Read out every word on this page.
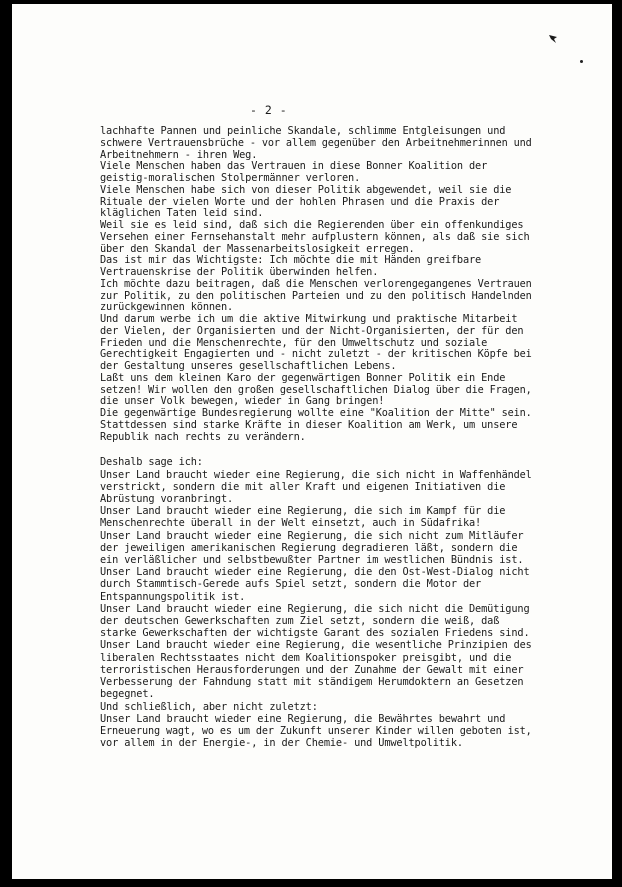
- 2 -
lachhafte Pannen und peinliche Skandale, schlimme Entgleisungen und
schwere Vertrauensbrüche - vor allem gegenüber den Arbeitnehmerinnen und
Arbeitnehmern - ihren Weg.
Viele Menschen haben das Vertrauen in diese Bonner Koalition der
geistig-moralischen Stolpermänner verloren.
Viele Menschen habe sich von dieser Politik abgewendet, weil sie die
Rituale der vielen Worte und der hohlen Phrasen und die Praxis der
kläglichen Taten leid sind.
Weil sie es leid sind, daß sich die Regierenden über ein offenkundiges
Versehen einer Fernsehanstalt mehr aufplustern können, als daß sie sich
über den Skandal der Massenarbeitslosigkeit erregen.
Das ist mir das Wichtigste: Ich möchte die mit Händen greifbare
Vertrauenskrise der Politik überwinden helfen.
Ich möchte dazu beitragen, daß die Menschen verlorengegangenes Vertrauen
zur Politik, zu den politischen Parteien und zu den politisch Handelnden
zurückgewinnen können.
Und darum werbe ich um die aktive Mitwirkung und praktische Mitarbeit
der Vielen, der Organisierten und der Nicht-Organisierten, der für den
Frieden und die Menschenrechte, für den Umweltschutz und soziale
Gerechtigkeit Engagierten und - nicht zuletzt - der kritischen Köpfe bei
der Gestaltung unseres gesellschaftlichen Lebens.
Laßt uns dem kleinen Karo der gegenwärtigen Bonner Politik ein Ende
setzen! Wir wollen den großen gesellschaftlichen Dialog über die Fragen,
die unser Volk bewegen, wieder in Gang bringen!
Die gegenwärtige Bundesregierung wollte eine "Koalition der Mitte" sein.
Stattdessen sind starke Kräfte in dieser Koalition am Werk, um unsere
Republik nach rechts zu verändern.
Deshalb sage ich:
Unser Land braucht wieder eine Regierung, die sich nicht in Waffenhändel
verstrickt, sondern die mit aller Kraft und eigenen Initiativen die
Abrüstung voranbringt.
Unser Land braucht wieder eine Regierung, die sich im Kampf für die
Menschenrechte überall in der Welt einsetzt, auch in Südafrika!
Unser Land braucht wieder eine Regierung, die sich nicht zum Mitläufer
der jeweiligen amerikanischen Regierung degradieren läßt, sondern die
ein verläßlicher und selbstbewußter Partner im westlichen Bündnis ist.
Unser Land braucht wieder eine Regierung, die den Ost-West-Dialog nicht
durch Stammtisch-Gerede aufs Spiel setzt, sondern die Motor der
Entspannungspolitik ist.
Unser Land braucht wieder eine Regierung, die sich nicht die Demütigung
der deutschen Gewerkschaften zum Ziel setzt, sondern die weiß, daß
starke Gewerkschaften der wichtigste Garant des sozialen Friedens sind.
Unser Land braucht wieder eine Regierung, die wesentliche Prinzipien des
liberalen Rechtsstaates nicht dem Koalitionspoker preisgibt, und die
terroristischen Herausforderungen und der Zunahme der Gewalt mit einer
Verbesserung der Fahndung statt mit ständigem Herumdoktern an Gesetzen
begegnet.
Und schließlich, aber nicht zuletzt:
Unser Land braucht wieder eine Regierung, die Bewährtes bewahrt und
Erneuerung wagt, wo es um der Zukunft unserer Kinder willen geboten ist,
vor allem in der Energie-, in der Chemie- und Umweltpolitik.
